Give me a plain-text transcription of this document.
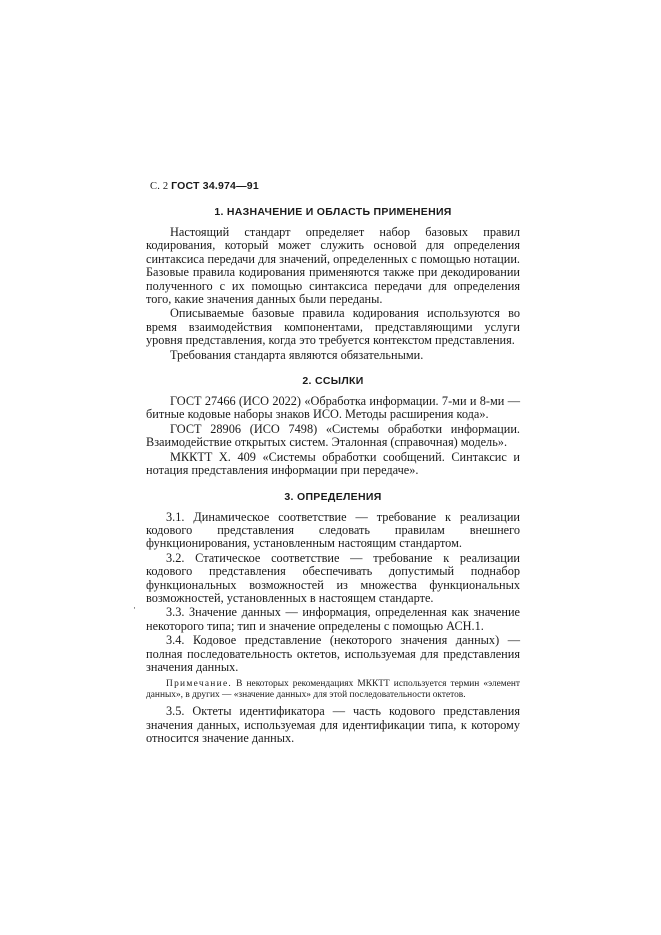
С. 2 ГОСТ 34.974—91
·
1. НАЗНАЧЕНИЕ И ОБЛАСТЬ ПРИМЕНЕНИЯ

Настоящий стандарт определяет набор базовых правил кодирования, который может служить основой для определения синтаксиса передачи для значений, определенных с помощью нотации. Базовые правила кодирования применяются также при декодировании полученного с их помощью синтаксиса передачи для определения того, какие значения данных были переданы.

Описываемые базовые правила кодирования используются во время взаимодействия компонентами, представляющими услуги уровня представления, когда это требуется контекстом представления.

Требования стандарта являются обязательными.

2. ССЫЛКИ

ГОСТ 27466 (ИСО 2022) «Обработка информации. 7-ми и 8-ми — битные кодовые наборы знаков ИСО. Методы расширения кода».

ГОСТ 28906 (ИСО 7498) «Системы обработки информации. Взаимодействие открытых систем. Эталонная (справочная) модель».

МККТТ Х. 409 «Системы обработки сообщений. Синтаксис и нотация представления информации при передаче».

3. ОПРЕДЕЛЕНИЯ

3.1. Динамическое соответствие — требование к реализации кодового представления следовать правилам внешнего функционирования, установленным настоящим стандартом.

3.2. Статическое соответствие — требование к реализации кодового представления обеспечивать допустимый поднабор функциональных возможностей из множества функциональных возможностей, установленных в настоящем стандарте.

3.3. Значение данных — информация, определенная как значение некоторого типа; тип и значение определены с помощью АСН.1.

3.4. Кодовое представление (некоторого значения данных) — полная последовательность октетов, используемая для представления значения данных.

Примечание. В некоторых рекомендациях МККТТ используется термин «элемент данных», в других — «значение данных» для этой последовательности октетов.

3.5. Октеты идентификатора — часть кодового представления значения данных, используемая для идентификации типа, к которому относится значение данных.
